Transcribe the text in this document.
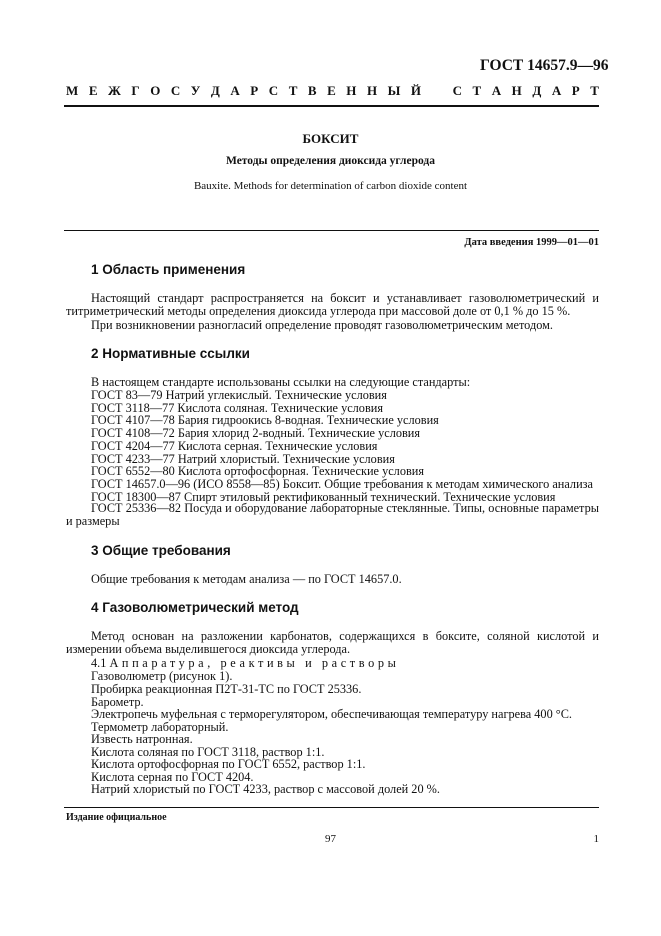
ГОСТ 14657.9—96
М Е Ж Г О С У Д А Р С Т В Е Н Н Ы Й С Т А Н Д А Р Т
БОКСИТ
Методы определения диоксида углерода
Bauxite. Methods for determination of carbon dioxide content
Дата введения 1999—01—01
1 Область применения
Настоящий стандарт распространяется на боксит и устанавливает газоволюметрический и титриметрический методы определения диоксида углерода при массовой доле от 0,1 % до 15 %.
При возникновении разногласий определение проводят газоволюметрическим методом.
2 Нормативные ссылки
В настоящем стандарте использованы ссылки на следующие стандарты:
ГОСТ 83—79 Натрий углекислый. Технические условия
ГОСТ 3118—77 Кислота соляная. Технические условия
ГОСТ 4107—78 Бария гидроокись 8-водная. Технические условия
ГОСТ 4108—72 Бария хлорид 2-водный. Технические условия
ГОСТ 4204—77 Кислота серная. Технические условия
ГОСТ 4233—77 Натрий хлористый. Технические условия
ГОСТ 6552—80 Кислота ортофосфорная. Технические условия
ГОСТ 14657.0—96 (ИСО 8558—85) Боксит. Общие требования к методам химического анализа
ГОСТ 18300—87 Спирт этиловый ректификованный технический. Технические условия
ГОСТ 25336—82 Посуда и оборудование лабораторные стеклянные. Типы, основные параметры и размеры
3 Общие требования
Общие требования к методам анализа — по ГОСТ 14657.0.
4 Газоволюметрический метод
Метод основан на разложении карбонатов, содержащихся в боксите, соляной кислотой и измерении объема выделившегося диоксида углерода.
4.1 Аппаратура, реактивы и растворы
Газоволюметр (рисунок 1).
Пробирка реакционная П2Т-31-ТС по ГОСТ 25336.
Барометр.
Электропечь муфельная с терморегулятором, обеспечивающая температуру нагрева 400 °С.
Термометр лабораторный.
Известь натронная.
Кислота соляная по ГОСТ 3118, раствор 1:1.
Кислота ортофосфорная по ГОСТ 6552, раствор 1:1.
Кислота серная по ГОСТ 4204.
Натрий хлористый по ГОСТ 4233, раствор с массовой долей 20 %.
Издание официальное
97	1
